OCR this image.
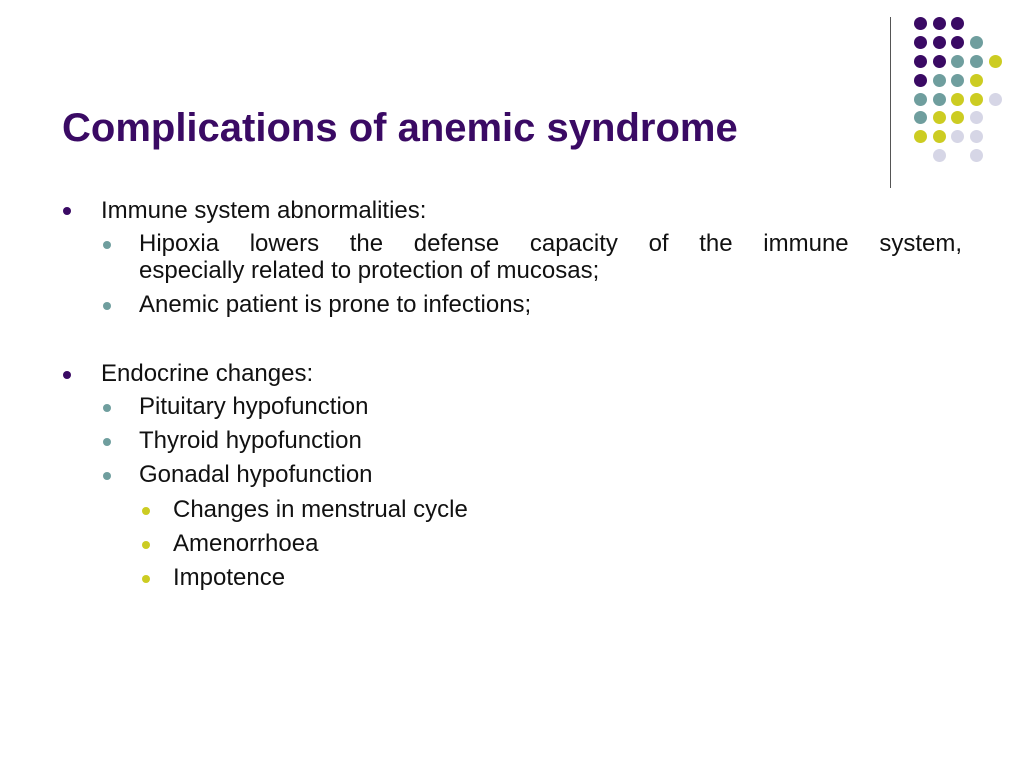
Complications of anemic syndrome
Immune system abnormalities:
Hipoxia lowers the defense capacity of the immune system,
especially related to protection of mucosas;
Anemic patient is prone to infections;
Endocrine changes:
Pituitary hypofunction
Thyroid hypofunction
Gonadal hypofunction
Changes in menstrual cycle
Amenorrhoea
Impotence
